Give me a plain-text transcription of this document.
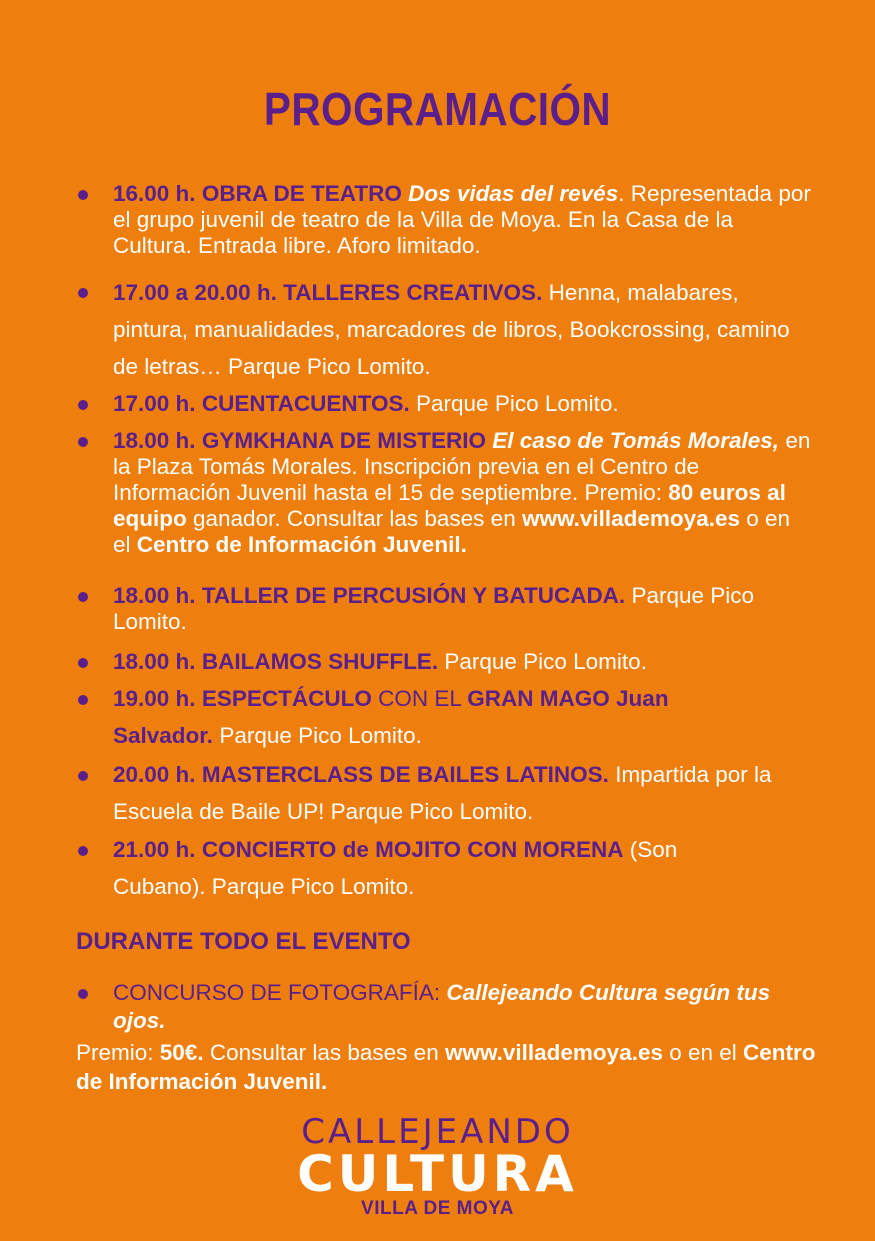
PROGRAMACIÓN
16.00 h. OBRA DE TEATRO Dos vidas del revés. Representada por el grupo juvenil de teatro de la Villa de Moya. En la Casa de la Cultura. Entrada libre. Aforo limitado.
17.00 a 20.00 h. TALLERES CREATIVOS. Henna, malabares, pintura, manualidades, marcadores de libros, Bookcrossing, camino de letras… Parque Pico Lomito.
17.00 h. CUENTACUENTOS. Parque Pico Lomito.
18.00 h. GYMKHANA DE MISTERIO El caso de Tomás Morales, en la Plaza Tomás Morales. Inscripción previa en el Centro de Información Juvenil hasta el 15 de septiembre. Premio: 80 euros al equipo ganador. Consultar las bases en www.villademoya.es o en el Centro de Información Juvenil.
18.00 h. TALLER DE PERCUSIÓN Y BATUCADA. Parque Pico Lomito.
18.00 h. BAILAMOS SHUFFLE. Parque Pico Lomito.
19.00 h. ESPECTÁCULO CON EL GRAN MAGO Juan Salvador. Parque Pico Lomito.
20.00 h. MASTERCLASS DE BAILES LATINOS. Impartida por la Escuela de Baile UP! Parque Pico Lomito.
21.00 h. CONCIERTO de MOJITO CON MORENA (Son Cubano). Parque Pico Lomito.
DURANTE TODO EL EVENTO
CONCURSO DE FOTOGRAFÍA: Callejeando Cultura según tus ojos.
Premio: 50€. Consultar las bases en www.villademoya.es o en el Centro de Información Juvenil.
CALLEJEANDO
CULTURA
VILLA DE MOYA
